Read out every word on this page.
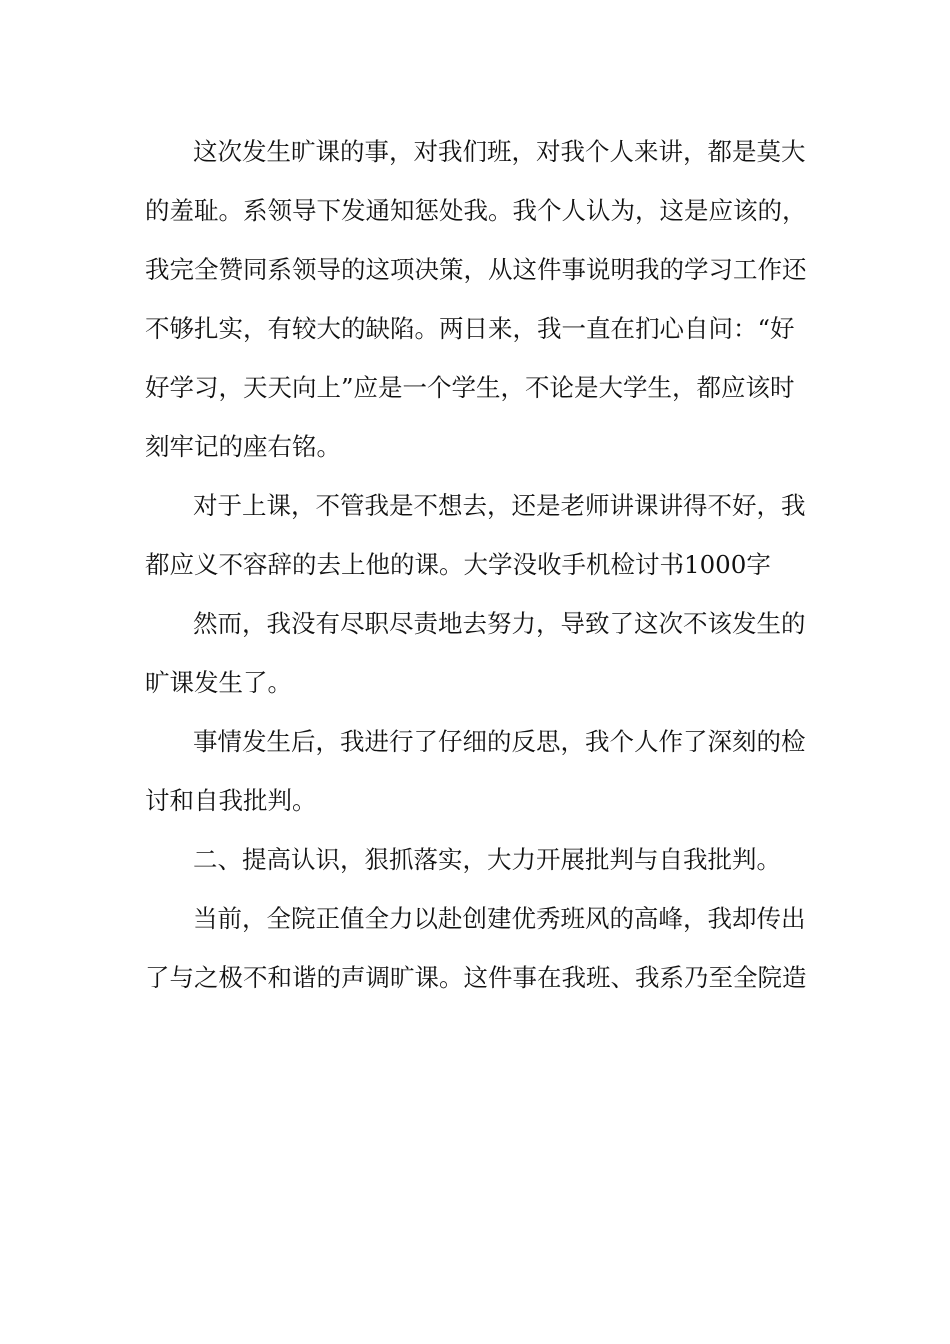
这次发生旷课的事，对我们班，对我个人来讲，都是莫大
的羞耻。系领导下发通知惩处我。我个人认为，这是应该的，
我完全赞同系领导的这项决策，从这件事说明我的学习工作还
不够扎实，有较大的缺陷。两日来，我一直在扪心自问：“好
好学习，天天向上”应是一个学生，不论是大学生，都应该时
刻牢记的座右铭。
对于上课，不管我是不想去，还是老师讲课讲得不好，我
都应义不容辞的去上他的课。大学没收手机检讨书1000字
然而，我没有尽职尽责地去努力，导致了这次不该发生的
旷课发生了。
事情发生后，我进行了仔细的反思，我个人作了深刻的检
讨和自我批判。
二、提高认识，狠抓落实，大力开展批判与自我批判。
当前，全院正值全力以赴创建优秀班风的高峰，我却传出
了与之极不和谐的声调旷课。这件事在我班、我系乃至全院造
